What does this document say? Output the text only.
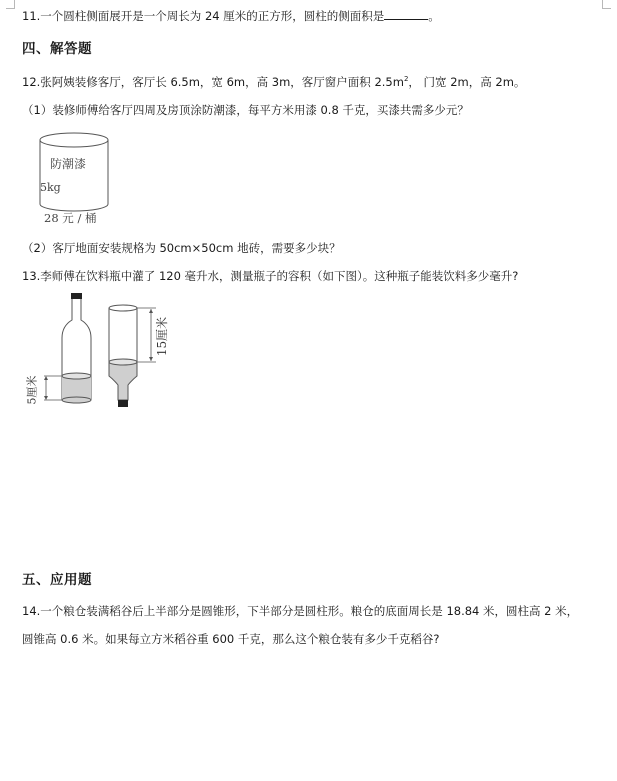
11.一个圆柱侧面展开是一个周长为 24 厘米的正方形，圆柱的侧面积是	。
四、解答题
12.张阿姨装修客厅，客厅长 6.5m，宽 6m，高 3m，客厅窗户面积 $2.5m^2$， 门宽 2m，高 2m。
（1）装修师傅给客厅四周及房顶涂防潮漆，每平方米用漆 0.8 千克，买漆共需多少元？
防潮漆
5kg
28 元 / 桶
（2）客厅地面安装规格为 50cm×50cm 地砖，需要多少块？
13.李师傅在饮料瓶中灌了 120 毫升水，测量瓶子的容积（如下图）。这种瓶子能装饮料多少毫升?
5厘米
15厘米
五、应用题
14.一个粮仓装满稻谷后上半部分是圆锥形，下半部分是圆柱形。粮仓的底面周长是 18.84 米，圆柱高 2 米，
圆锥高 0.6 米。如果每立方米稻谷重 600 千克，那么这个粮仓装有多少千克稻谷?
